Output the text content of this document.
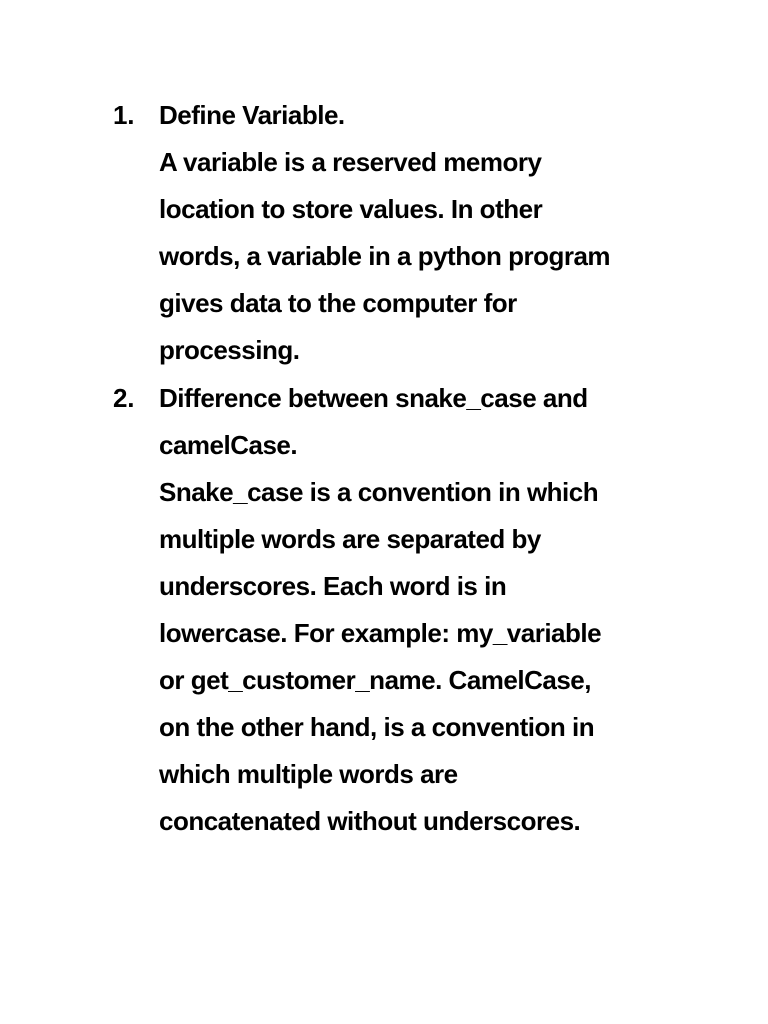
1. Define Variable.
A variable is a reserved memory
location to store values. In other
words, a variable in a python program
gives data to the computer for
processing.
2. Difference between snake_case and
camelCase.
Snake_case is a convention in which
multiple words are separated by
underscores. Each word is in
lowercase. For example: my_variable
or get_customer_name. CamelCase,
on the other hand, is a convention in
which multiple words are
concatenated without underscores.
